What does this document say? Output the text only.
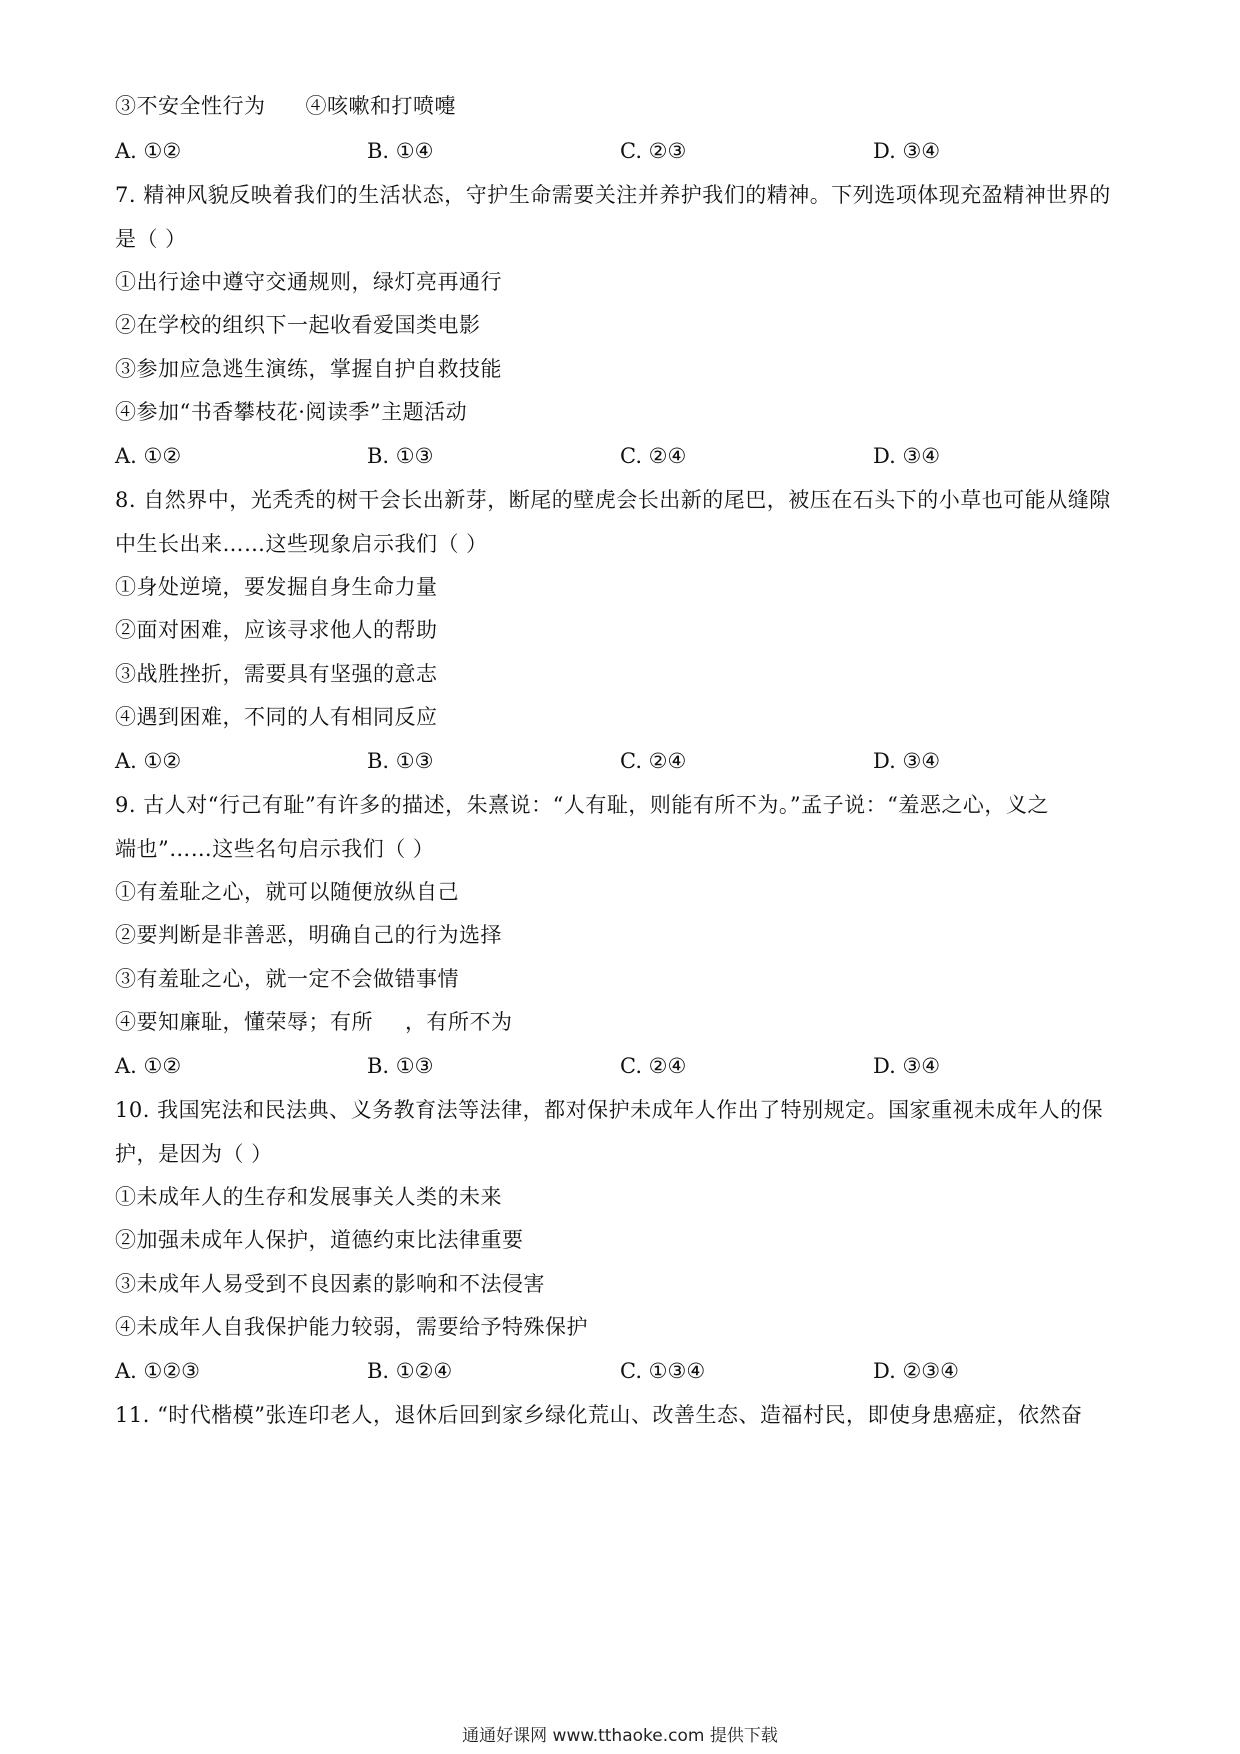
③不安全性行为 ④咳嗽和打喷嚏
A. ①②	B. ①④	C. ②③	D. ③④
7. 精神风貌反映着我们的生活状态，守护生命需要关注并养护我们的精神。下列选项体现充盈精神世界的
是（ ）
①出行途中遵守交通规则，绿灯亮再通行
②在学校的组织下一起收看爱国类电影
③参加应急逃生演练，掌握自护自救技能
④参加“书香攀枝花·阅读季”主题活动
A. ①②	B. ①③	C. ②④	D. ③④
8. 自然界中，光秃秃的树干会长出新芽，断尾的壁虎会长出新的尾巴，被压在石头下的小草也可能从缝隙
中生长出来……这些现象启示我们（ ）
①身处逆境，要发掘自身生命力量
②面对困难，应该寻求他人的帮助
③战胜挫折，需要具有坚强的意志
④遇到困难，不同的人有相同反应
A. ①②	B. ①③	C. ②④	D. ③④
9. 古人对“行己有耻”有许多的描述，朱熹说：“人有耻，则能有所不为。”孟子说：“羞恶之心，义之
端也”……这些名句启示我们（ ）
①有羞耻之心，就可以随便放纵自己
②要判断是非善恶，明确自己的行为选择
③有羞耻之心，就一定不会做错事情
④要知廉耻，懂荣辱；有所 ，有所不为
A. ①②	B. ①③	C. ②④	D. ③④
10. 我国宪法和民法典、义务教育法等法律，都对保护未成年人作出了特别规定。国家重视未成年人的保
护，是因为（ ）
①未成年人的生存和发展事关人类的未来
②加强未成年人保护，道德约束比法律重要
③未成年人易受到不良因素的影响和不法侵害
④未成年人自我保护能力较弱，需要给予特殊保护
A. ①②③	B. ①②④	C. ①③④	D. ②③④
11. “时代楷模”张连印老人，退休后回到家乡绿化荒山、改善生态、造福村民，即使身患癌症，依然奋
通通好课网 www.tthaoke.com 提供下载
